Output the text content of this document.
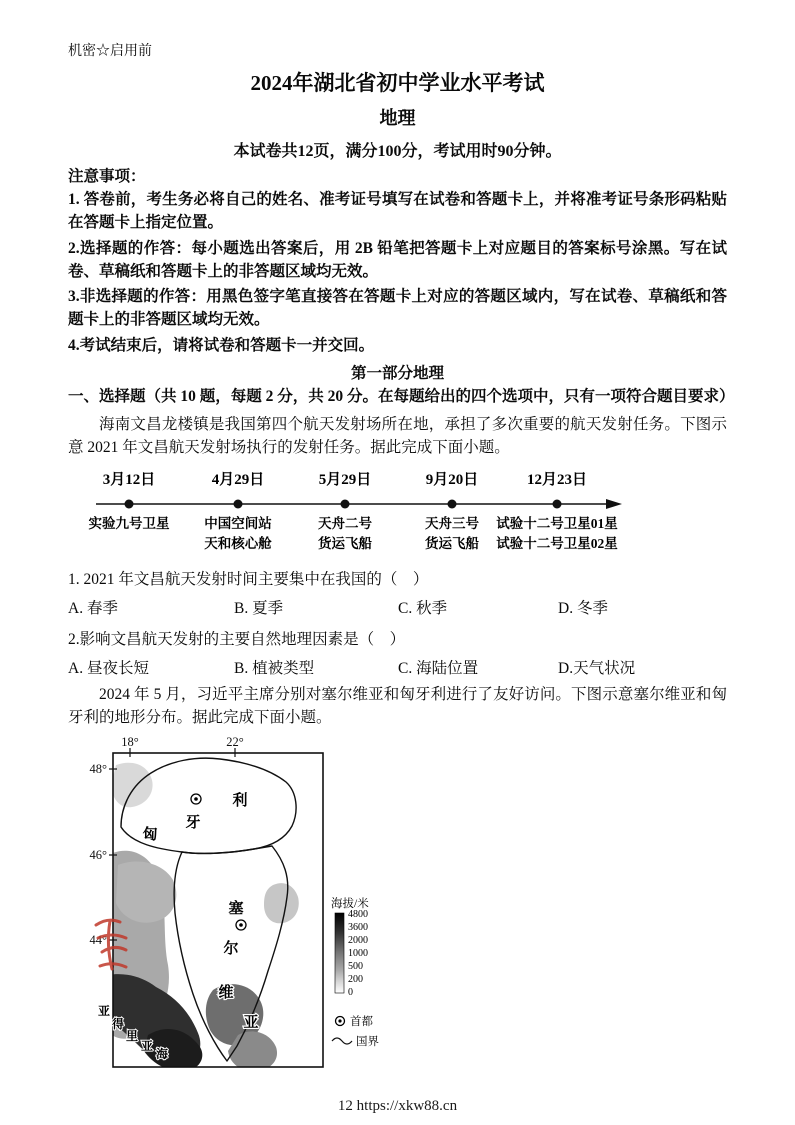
机密☆启用前
2024年湖北省初中学业水平考试
地理
本试卷共12页，满分100分，考试用时90分钟。
注意事项：

1. 答卷前，考生务必将自己的姓名、准考证号填写在试卷和答题卡上，并将准考证号条形码粘贴在答题卡上指定位置。

2.选择题的作答：每小题选出答案后，用 2B 铅笔把答题卡上对应题目的答案标号涂黑。写在试卷、草稿纸和答题卡上的非答题区域均无效。

3.非选择题的作答：用黑色签字笔直接答在答题卡上对应的答题区域内，写在试卷、草稿纸和答题卡上的非答题区域均无效。

4.考试结束后，请将试卷和答题卡一并交回。

第一部分地理

一、选择题（共 10 题，每题 2 分，共 20 分。在每题给出的四个选项中，只有一项符合题目要求）

海南文昌龙楼镇是我国第四个航天发射场所在地，承担了多次重要的航天发射任务。下图示意 2021 年文昌航天发射场执行的发射任务。据此完成下面小题。

3月12日
实验九号卫星
4月29日
中国空间站
天和核心舱
5月29日
天舟二号
货运飞船
9月20日
天舟三号
货运飞船
12月23日
试验十二号卫星01星
试验十二号卫星02星

1. 2021 年文昌航天发射时间主要集中在我国的（　）

A. 春季	B. 夏季	C. 秋季	D. 冬季

2.影响文昌航天发射的主要自然地理因素是（　）

A. 昼夜长短	B. 植被类型	C. 海陆位置	D.天气状况

2024 年 5 月，习近平主席分别对塞尔维亚和匈牙利进行了友好访问。下图示意塞尔维亚和匈牙利的地形分布。据此完成下面小题。

18°	22°
48°
46°
44°
匈
牙
利
塞
尔
维
亚
亚
得
里
亚
海
海拔/米
4800
3600
2000
1000
500
200
0
首都
国界
12 https://xkw88.cn
